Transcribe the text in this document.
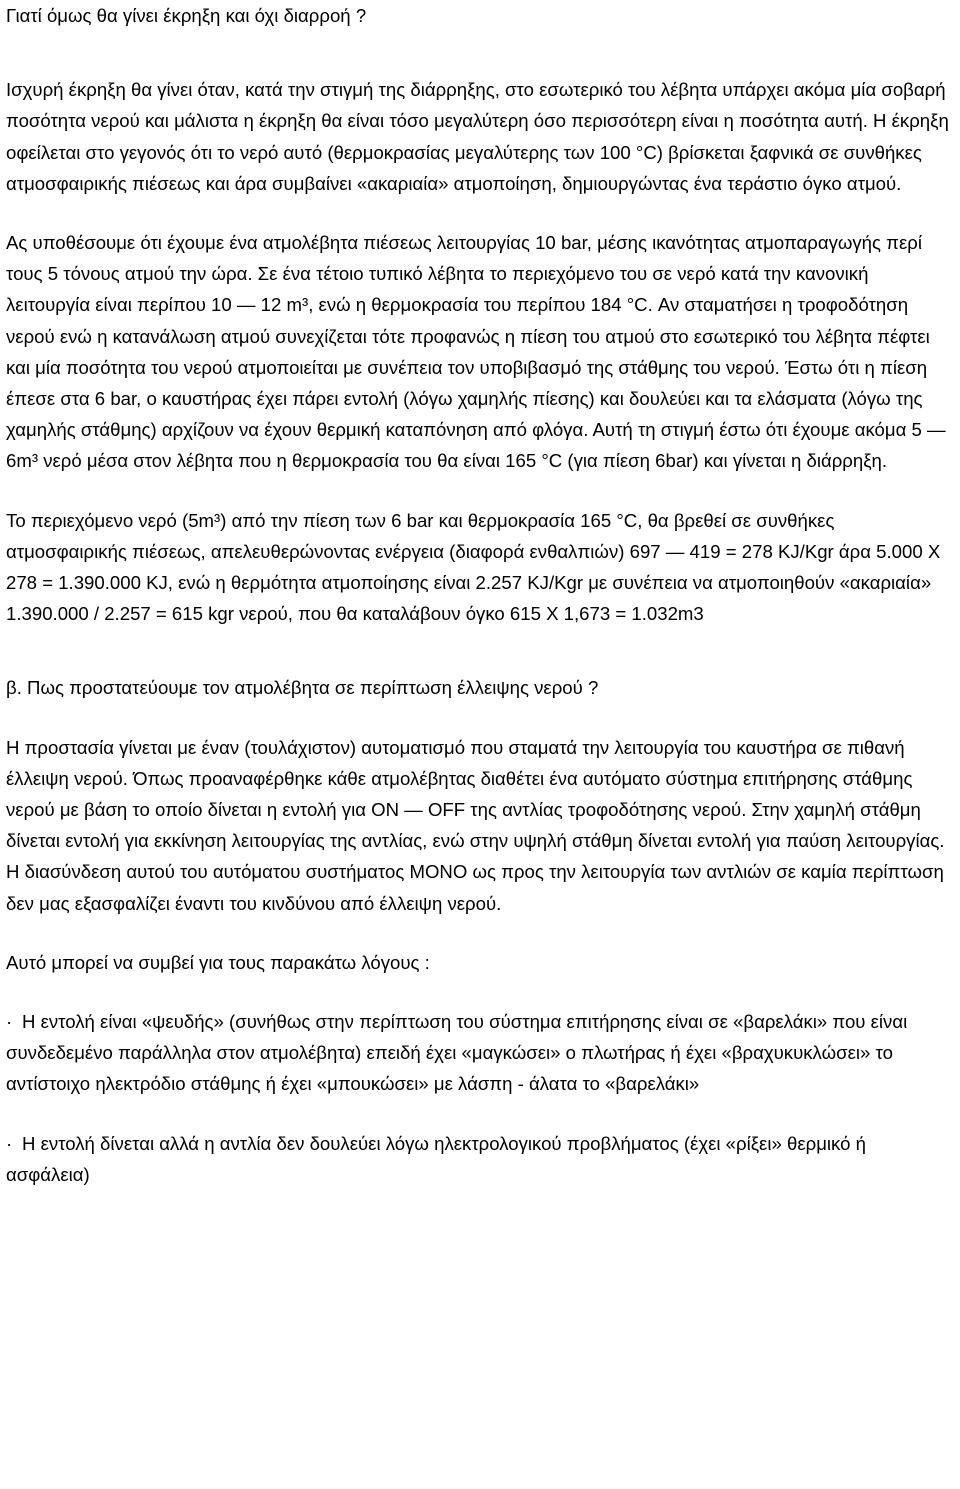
Γιατί όμως θα γίνει έκρηξη και όχι διαρροή ?

Ισχυρή έκρηξη θα γίνει όταν, κατά την στιγμή της διάρρηξης, στο εσωτερικό του λέβητα υπάρχει ακόμα μία σοβαρή ποσότητα νερού και μάλιστα η έκρηξη θα είναι τόσο μεγαλύτερη όσο περισσότερη είναι η ποσότητα αυτή. Η έκρηξη οφείλεται στο γεγονός ότι το νερό αυτό (θερμοκρασίας μεγαλύτερης των 100 °C) βρίσκεται ξαφνικά σε συνθήκες ατμοσφαιρικής πιέσεως και άρα συμβαίνει «ακαριαία» ατμοποίηση, δημιουργώντας ένα τεράστιο όγκο ατμού.

Ας υποθέσουμε ότι έχουμε ένα ατμολέβητα πιέσεως λειτουργίας 10 bar, μέσης ικανότητας ατμοπαραγωγής περί τους 5 τόνους ατμού την ώρα. Σε ένα τέτοιο τυπικό λέβητα το περιεχόμενο του σε νερό κατά την κανονική λειτουργία είναι περίπου 10 — 12 m³, ενώ η θερμοκρασία του περίπου 184 °C. Αν σταματήσει η τροφοδότηση νερού ενώ η κατανάλωση ατμού συνεχίζεται τότε προφανώς η πίεση του ατμού στο εσωτερικό του λέβητα πέφτει και μία ποσότητα του νερού ατμοποιείται με συνέπεια τον υποβιβασμό της στάθμης του νερού. Έστω ότι η πίεση έπεσε στα 6 bar, ο καυστήρας έχει πάρει εντολή (λόγω χαμηλής πίεσης) και δουλεύει και τα ελάσματα (λόγω της χαμηλής στάθμης) αρχίζουν να έχουν θερμική καταπόνηση από φλόγα. Αυτή τη στιγμή έστω ότι έχουμε ακόμα 5 — 6m³ νερό μέσα στον λέβητα που η θερμοκρασία του θα είναι 165 °C (για πίεση 6bar) και γίνεται η διάρρηξη.

Το περιεχόμενο νερό (5m³) από την πίεση των 6 bar και θερμοκρασία 165 °C, θα βρεθεί σε συνθήκες ατμοσφαιρικής πιέσεως, απελευθερώνοντας ενέργεια (διαφορά ενθαλπιών) 697 — 419 = 278 KJ/Kgr άρα 5.000 X 278 = 1.390.000 KJ, ενώ η θερμότητα ατμοποίησης είναι 2.257 KJ/Kgr με συνέπεια να ατμοποιηθούν «ακαριαία» 1.390.000 / 2.257 = 615 kgr νερού, που θα καταλάβουν όγκο 615 X 1,673 = 1.032m3

β. Πως προστατεύουμε τον ατμολέβητα σε περίπτωση έλλειψης νερού ?

Η προστασία γίνεται με έναν (τουλάχιστον) αυτοματισμό που σταματά την λειτουργία του καυστήρα σε πιθανή έλλειψη νερού. Όπως προαναφέρθηκε κάθε ατμολέβητας διαθέτει ένα αυτόματο σύστημα επιτήρησης στάθμης νερού με βάση το οποίο δίνεται η εντολή για ON — OFF της αντλίας τροφοδότησης νερού. Στην χαμηλή στάθμη δίνεται εντολή για εκκίνηση λειτουργίας της αντλίας, ενώ στην υψηλή στάθμη δίνεται εντολή για παύση λειτουργίας. Η διασύνδεση αυτού του αυτόματου συστήματος ΜΟΝΟ ως προς την λειτουργία των αντλιών σε καμία περίπτωση δεν μας εξασφαλίζει έναντι του κινδύνου από έλλειψη νερού.

Αυτό μπορεί να συμβεί για τους παρακάτω λόγους :

· Η εντολή είναι «ψευδής» (συνήθως στην περίπτωση του σύστημα επιτήρησης είναι σε «βαρελάκι» που είναι συνδεδεμένο παράλληλα στον ατμολέβητα) επειδή έχει «μαγκώσει» ο πλωτήρας ή έχει «βραχυκυκλώσει» το αντίστοιχο ηλεκτρόδιο στάθμης ή έχει «μπουκώσει» με λάσπη - άλατα το «βαρελάκι»

· Η εντολή δίνεται αλλά η αντλία δεν δουλεύει λόγω ηλεκτρολογικού προβλήματος (έχει «ρίξει» θερμικό ή ασφάλεια)
